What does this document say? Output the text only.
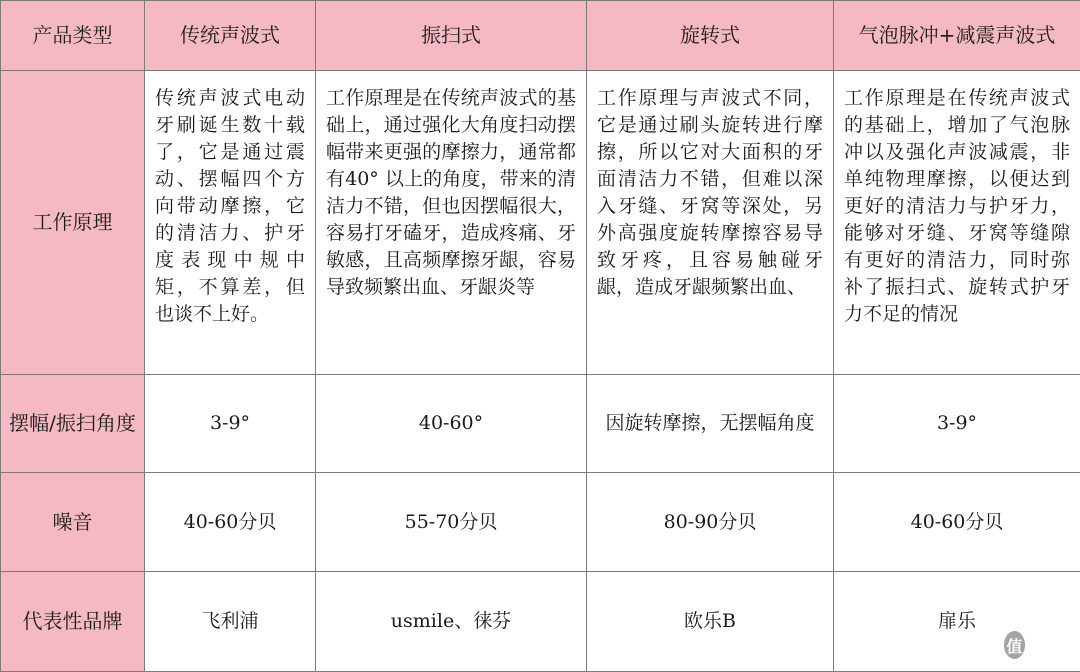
产品类型	传统声波式	振扫式	旋转式	气泡脉冲+减震声波式
工作原理	传统声波式电动牙刷诞生数十载了，它是通过震动、摆幅四个方向带动摩擦，它的清洁力、护牙度表现中规中矩，不算差，但也谈不上好。	工作原理是在传统声波式的基础上，通过强化大角度扫动摆幅带来更强的摩擦力，通常都有40° 以上的角度，带来的清洁力不错，但也因摆幅很大，容易打牙磕牙，造成疼痛、牙敏感，且高频摩擦牙龈，容易导致频繁出血、牙龈炎等	工作原理与声波式不同，它是通过刷头旋转进行摩擦，所以它对大面积的牙面清洁力不错，但难以深入牙缝、牙窝等深处，另外高强度旋转摩擦容易导致牙疼，且容易触碰牙龈，造成牙龈频繁出血、	工作原理是在传统声波式的基础上，增加了气泡脉冲以及强化声波减震，非单纯物理摩擦，以便达到更好的清洁力与护牙力，能够对牙缝、牙窝等缝隙有更好的清洁力，同时弥补了振扫式、旋转式护牙力不足的情况
摆幅/振扫角度	3-9°	40-60°	因旋转摩擦，无摆幅角度	3-9°
噪音	40-60分贝	55-70分贝	80-90分贝	40-60分贝
代表性品牌	飞利浦	usmile、徕芬	欧乐B	扉乐
值 什么值得买
